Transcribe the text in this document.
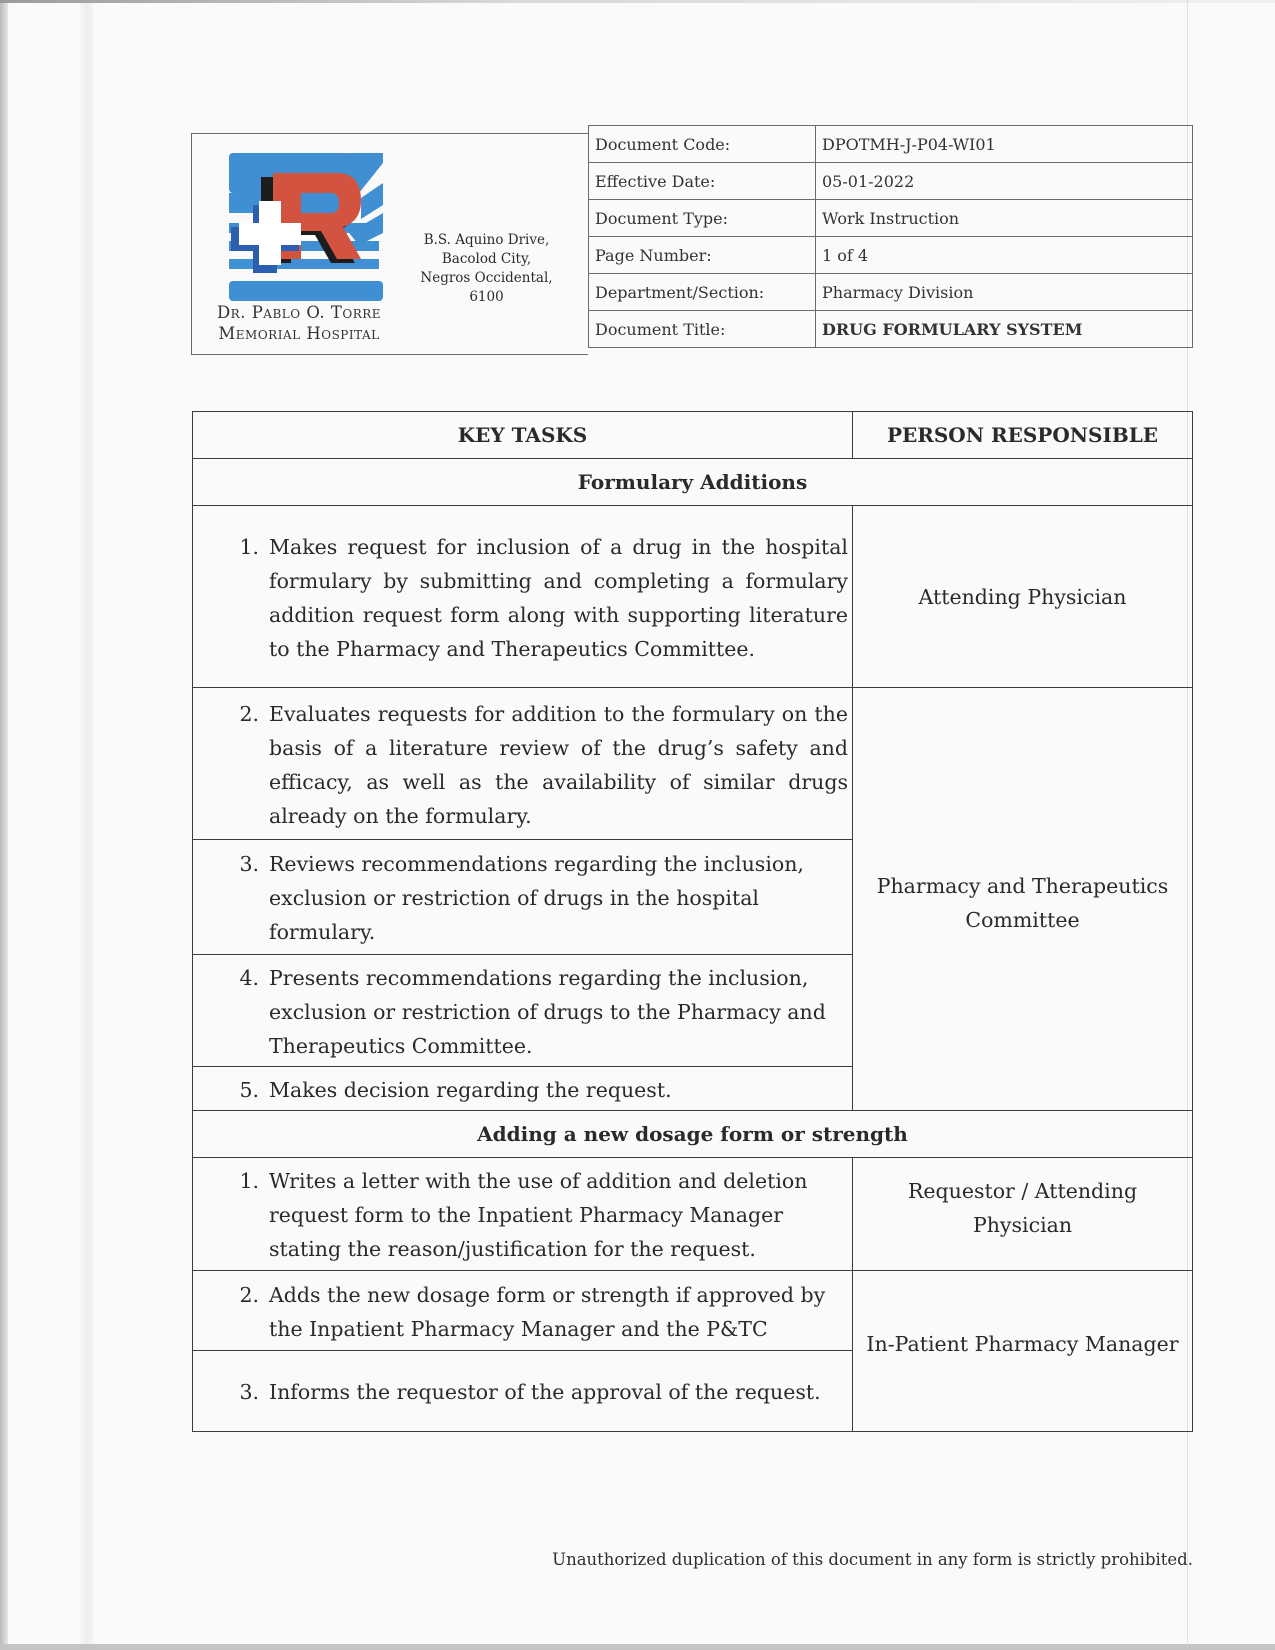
Dr. Pablo O. Torre
Memorial Hospital
B.S. Aquino Drive,
Bacolod City,
Negros Occidental,
6100
Document Code:	DPOTMH-J-P04-WI01
Effective Date:	05-01-2022
Document Type:	Work Instruction
Page Number:	1 of 4
Department/Section:	Pharmacy Division
Document Title:	DRUG FORMULARY SYSTEM
KEY TASKS	PERSON RESPONSIBLE
Formulary Additions	

1. Makes request for inclusion of a drug in the hospital formulary by submitting and completing a formulary addition request form along with supporting literature to the Pharmacy and Therapeutics Committee.	Attending Physician

2. Evaluates requests for addition to the formulary on the basis of a literature review of the drug’s safety and efficacy, as well as the availability of similar drugs already on the formulary.	Pharmacy and Therapeutics Committee

3. Reviews recommendations regarding the inclusion, exclusion or restriction of drugs in the hospital formulary.	

4. Presents recommendations regarding the inclusion, exclusion or restriction of drugs to the Pharmacy and Therapeutics Committee.	

5. Makes decision regarding the request.	

Adding a new dosage form or strength	

1. Writes a letter with the use of addition and deletion request form to the Inpatient Pharmacy Manager stating the reason/justification for the request.	Requestor / Attending Physician

2. Adds the new dosage form or strength if approved by the Inpatient Pharmacy Manager and the P&TC	In-Patient Pharmacy Manager

3. Informs the requestor of the approval of the request.	
Unauthorized duplication of this document in any form is strictly prohibited.
